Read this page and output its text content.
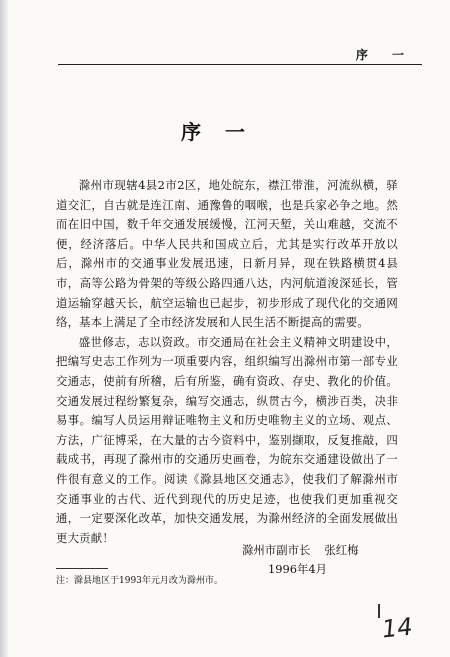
序 一
序一

滁州市现辖4县2市2区，地处皖东，襟江带淮，河流纵横，驿道交汇，自古就是连江南、通豫鲁的咽喉，也是兵家必争之地。然而在旧中国，数千年交通发展缓慢，江河天堑，关山难越，交流不便，经济落后。中华人民共和国成立后，尤其是实行改革开放以后，滁州市的交通事业发展迅速，日新月异，现在铁路横贯4县市，高等公路为骨架的等级公路四通八达，内河航道浚深延长，管道运输穿越天长，航空运输也已起步，初步形成了现代化的交通网络，基本上满足了全市经济发展和人民生活不断提高的需要。

盛世修志，志以资政。市交通局在社会主义精神文明建设中，把编写史志工作列为一项重要内容，组织编写出滁州市第一部专业交通志，使前有所稽，后有所鉴，确有资政、存史、教化的价值。交通发展过程纷繁复杂，编写交通志，纵贯古今，横涉百类，决非易事。编写人员运用辩证唯物主义和历史唯物主义的立场、观点、方法，广征博采，在大量的古今资料中，鉴别撷取，反复推敲，四载成书，再现了滁州市的交通历史画卷，为皖东交通建设做出了一件很有意义的工作。阅读《滁县地区交通志》，使我们了解滁州市交通事业的古代、近代到现代的历史足迹，也使我们更加重视交通，一定要深化改革，加快交通发展，为滁州经济的全面发展做出更大贡献！

滁州市副市长 张红梅
1996年4月
注：滁县地区于1993年元月改为滁州市。
14
